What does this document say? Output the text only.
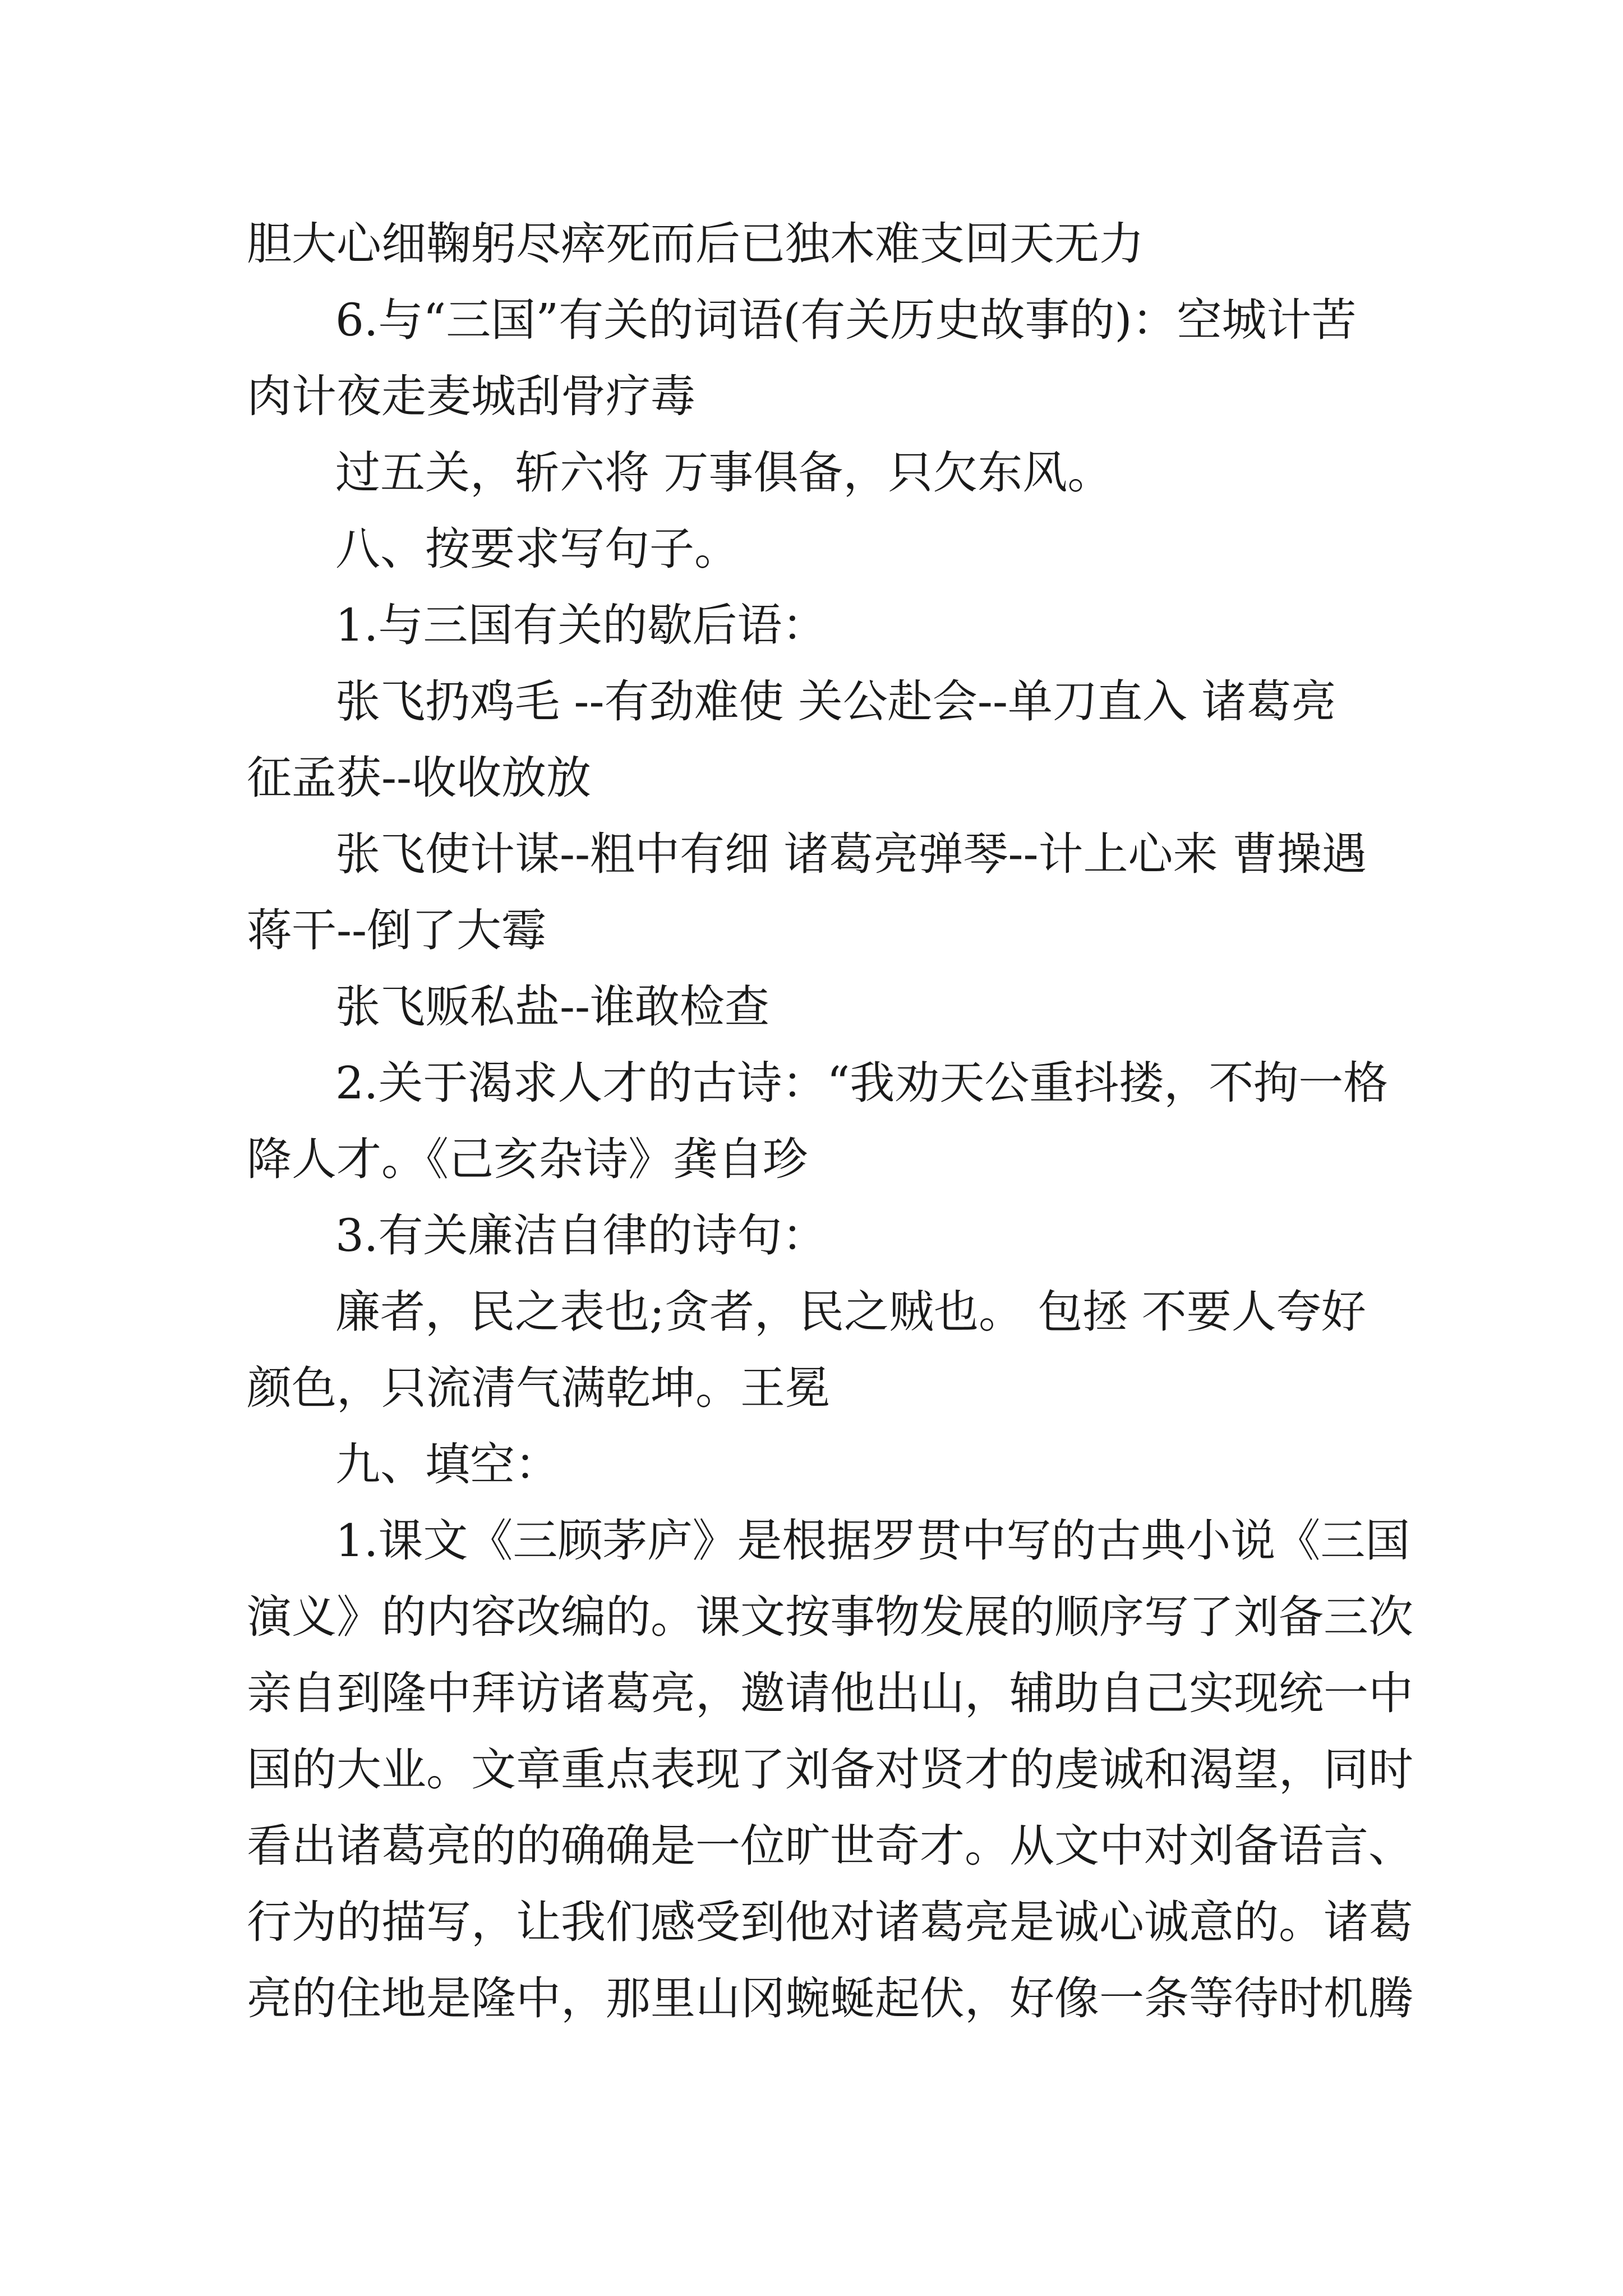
胆大心细鞠躬尽瘁死而后已独木难支回天无力

6.与“三国”有关的词语(有关历史故事的)：空城计苦

肉计夜走麦城刮骨疗毒

过五关，斩六将 万事俱备，只欠东风。

八、按要求写句子。

1.与三国有关的歇后语：

张飞扔鸡毛 --有劲难使 关公赴会--单刀直入 诸葛亮

征孟获--收收放放

张飞使计谋--粗中有细 诸葛亮弹琴--计上心来 曹操遇

蒋干--倒了大霉

张飞贩私盐--谁敢检查

2.关于渴求人才的古诗：“我劝天公重抖搂，不拘一格

降人才。《己亥杂诗》龚自珍

3.有关廉洁自律的诗句：

廉者，民之表也;贪者，民之贼也。 包拯 不要人夸好

颜色，只流清气满乾坤。王冕

九、填空：

1.课文《三顾茅庐》是根据罗贯中写的古典小说《三国

演义》的内容改编的。课文按事物发展的顺序写了刘备三次

亲自到隆中拜访诸葛亮，邀请他出山，辅助自己实现统一中

国的大业。文章重点表现了刘备对贤才的虔诚和渴望，同时

看出诸葛亮的的确确是一位旷世奇才。从文中对刘备语言、

行为的描写，让我们感受到他对诸葛亮是诚心诚意的。诸葛

亮的住地是隆中，那里山冈蜿蜒起伏，好像一条等待时机腾
